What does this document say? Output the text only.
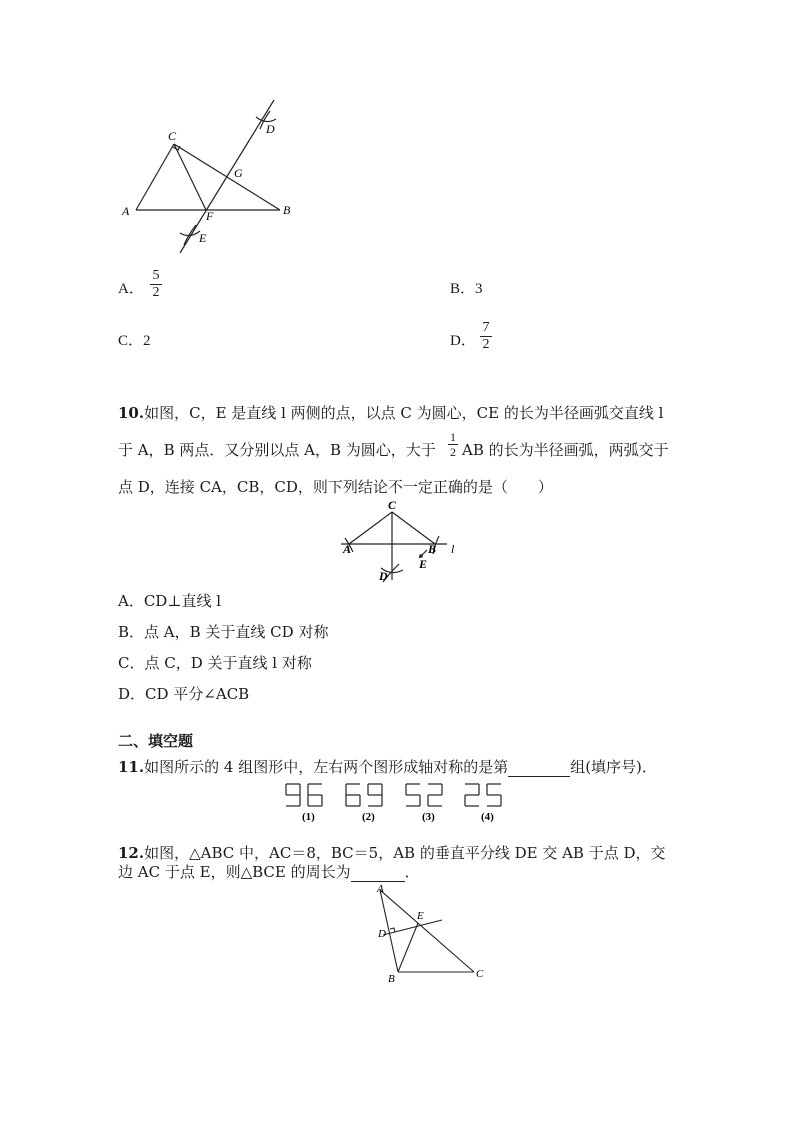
A
C
B
D
G
F
E
A．
5
2	B．3
C．2	D．
7
2
10.如图，C，E 是直线 l 两侧的点，以点 C 为圆心，CE 的长为半径画弧交直线 l
于 A，B 两点．又分别以点 A，B 为圆心，大于
1
2 AB 的长为半径画弧，两弧交于
点 D，连接 CA，CB，CD，则下列结论不一定正确的是（　　）
C
A	B l
E
D
A．CD⊥直线 l
B．点 A，B 关于直线 CD 对称
C．点 C，D 关于直线 l 对称
D．CD 平分∠ACB
二、填空题
11.如图所示的 4 组图形中，左右两个图形成轴对称的是第	组(填序号)．
(1)	(2)	(3)	(4)
12.如图，△ABC 中，AC＝8，BC＝5，AB 的垂直平分线 DE 交 AB 于点 D，交
边 AC 于点 E，则△BCE 的周长为	．
A
E
D
B	C
